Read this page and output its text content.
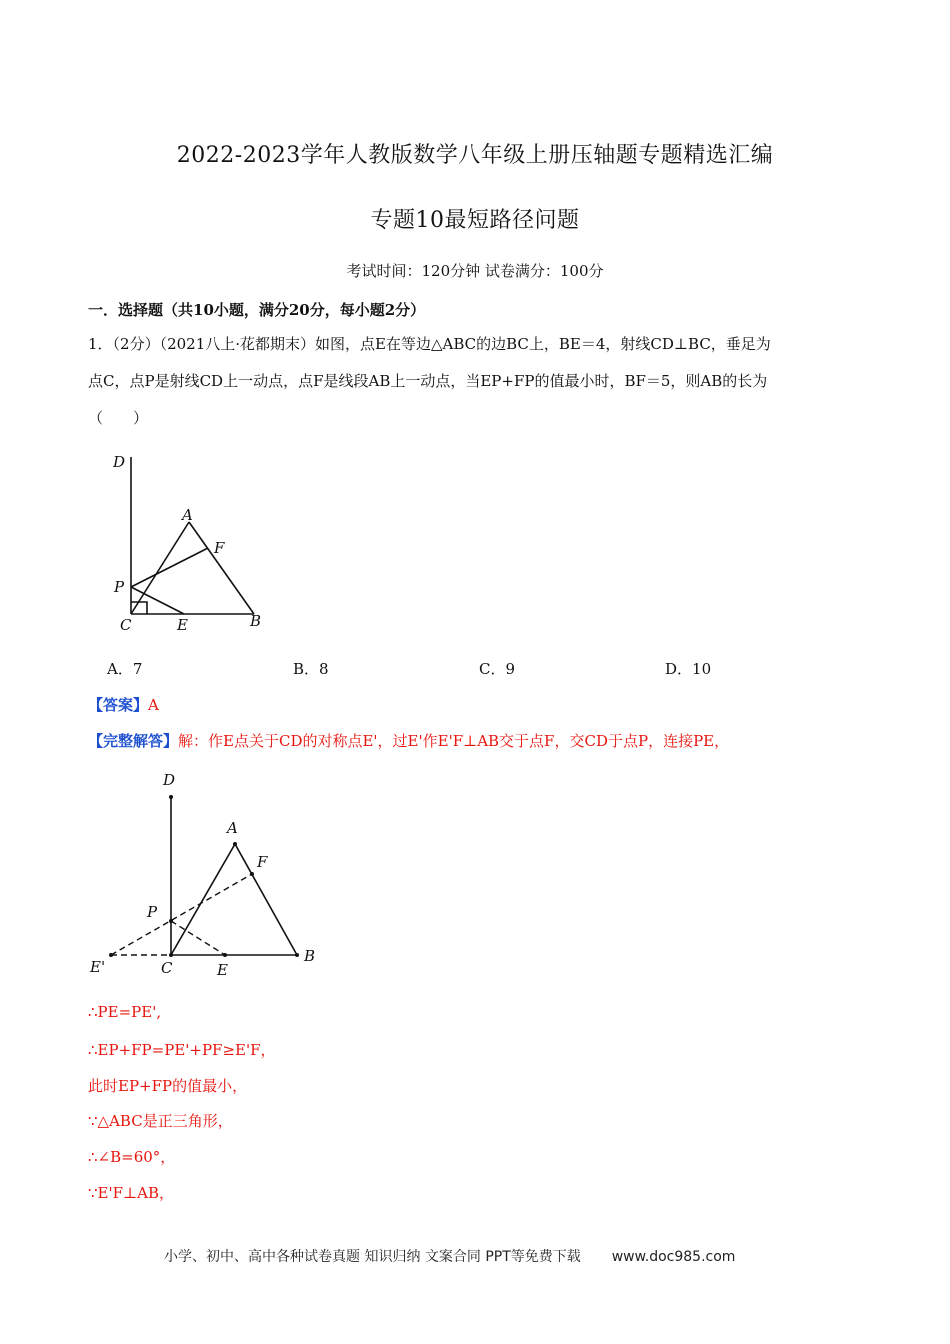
2022-2023学年人教版数学八年级上册压轴题专题精选汇编
专题10最短路径问题
考试时间：120分钟 试卷满分：100分
一．选择题（共10小题，满分20分，每小题2分）
1．（2分）（2021八上·花都期末）如图，点E在等边△ABC的边BC上，BE＝4，射线CD⊥BC，垂足为
点C，点P是射线CD上一动点，点F是线段AB上一动点，当EP+FP的值最小时，BF＝5，则AB的长为
（　　）
D
A
F
P
C	E	B
A．7	B．8	C．9	D．10
【答案】A
【完整解答】解：作E点关于CD的对称点E'，过E'作E'F⊥AB交于点F，交CD于点P，连接PE，
D
A
F
P
E'	C	E
B
∴PE=PE',
∴EP+FP=PE'+PF≥E'F，
此时EP+FP的值最小，
∵△ABC是正三角形，
∴∠B=60°，
∵E'F⊥AB，
小学、初中、高中各种试卷真题 知识归纳 文案合同 PPT等免费下载 www.doc985.com
